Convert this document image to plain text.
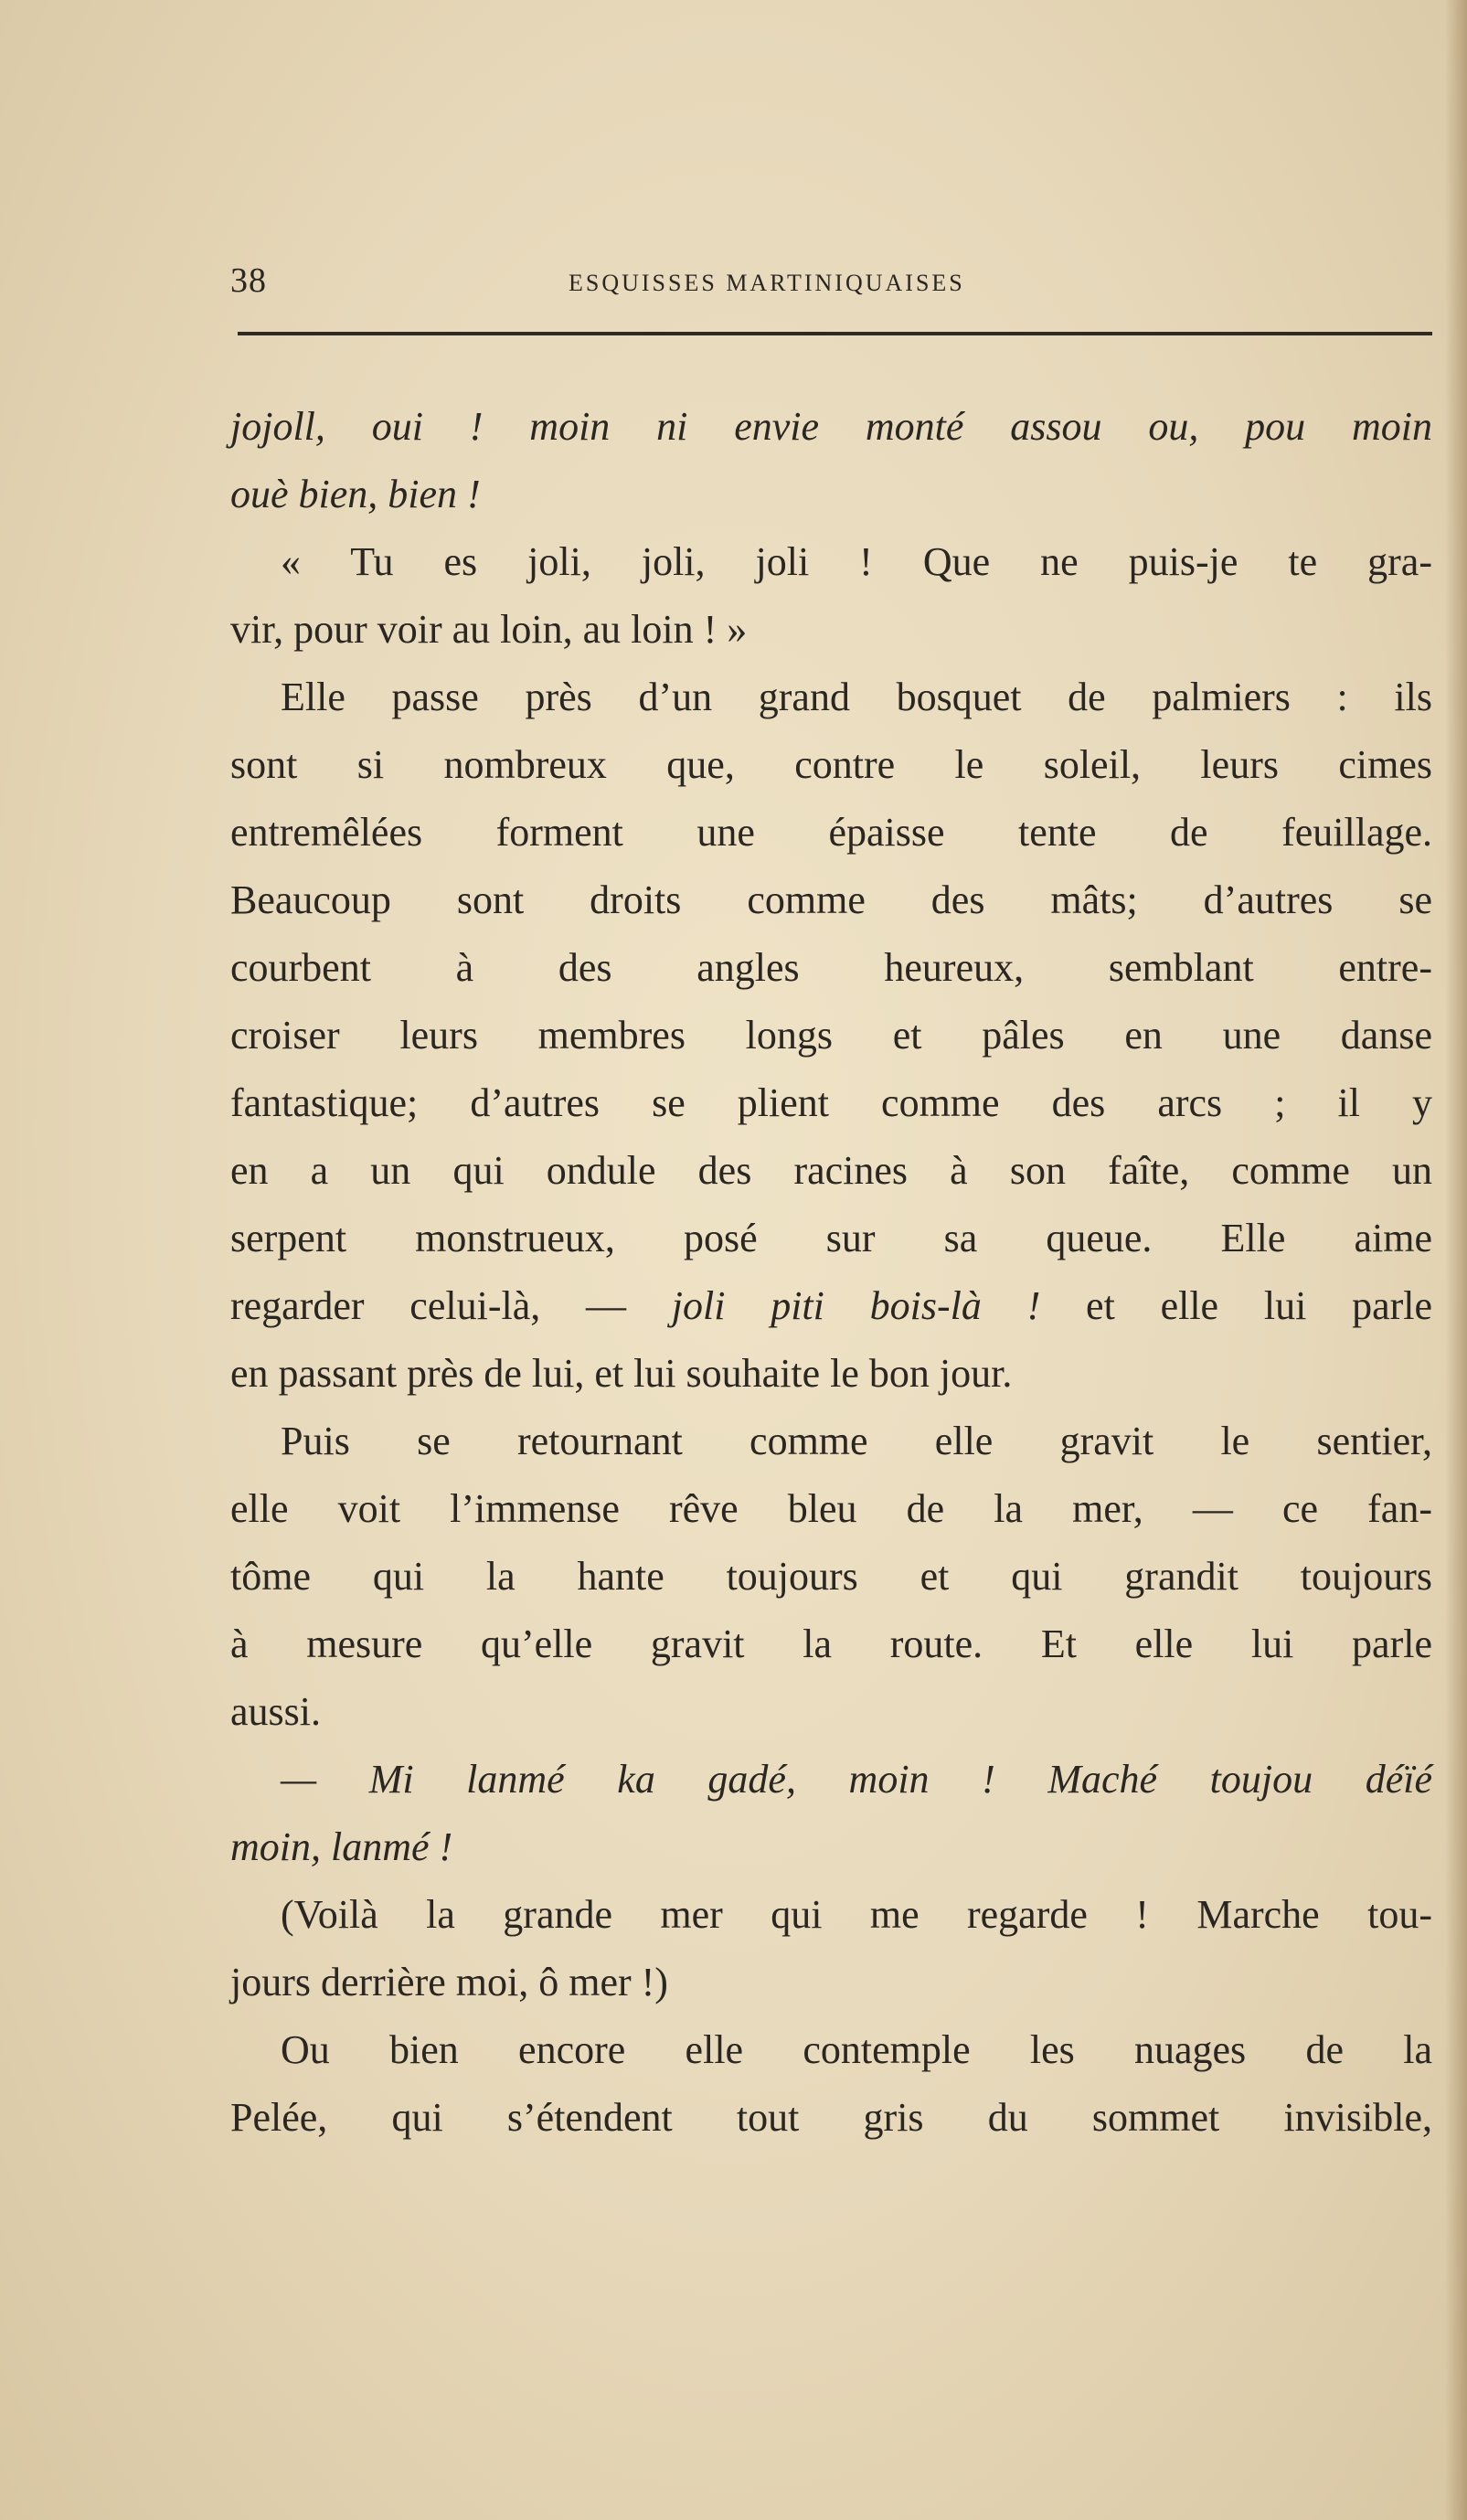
38	ESQUISSES MARTINIQUAISES
jojoll, oui ! moin ni envie monté assou ou, pou moin
ouè bien, bien !
« Tu es joli, joli, joli ! Que ne puis-je te gra-
vir, pour voir au loin, au loin ! »
Elle passe près d’un grand bosquet de palmiers : ils
sont si nombreux que, contre le soleil, leurs cimes
entremêlées forment une épaisse tente de feuillage.
Beaucoup sont droits comme des mâts; d’autres se
courbent à des angles heureux, semblant entre-
croiser leurs membres longs et pâles en une danse
fantastique; d’autres se plient comme des arcs ; il y
en a un qui ondule des racines à son faîte, comme un
serpent monstrueux, posé sur sa queue. Elle aime
regarder celui-là, — joli piti bois-là ! et elle lui parle
en passant près de lui, et lui souhaite le bon jour.
Puis se retournant comme elle gravit le sentier,
elle voit l’immense rêve bleu de la mer, — ce fan-
tôme qui la hante toujours et qui grandit toujours
à mesure qu’elle gravit la route. Et elle lui parle
aussi.
— Mi lanmé ka gadé, moin ! Maché toujou déïé
moin, lanmé !
(Voilà la grande mer qui me regarde ! Marche tou-
jours derrière moi, ô mer !)
Ou bien encore elle contemple les nuages de la
Pelée, qui s’étendent tout gris du sommet invisible,
